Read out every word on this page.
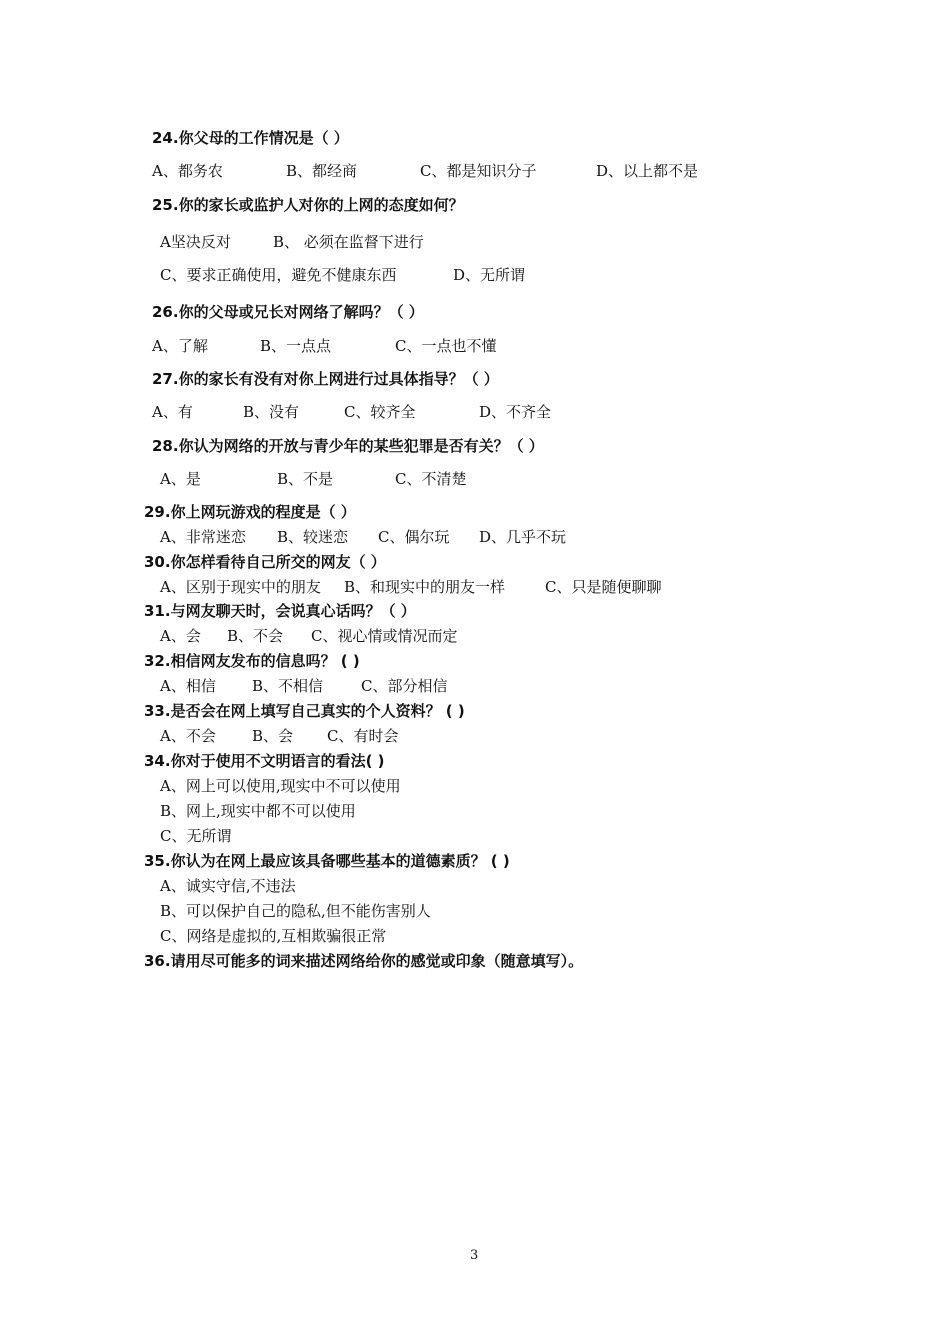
24.你父母的工作情况是（ ）
A、都务农	B、都经商	C、都是知识分子	D、以上都不是
25.你的家长或监护人对你的上网的态度如何？
A坚决反对	B、 必须在监督下进行
C、要求正确使用，避免不健康东西	D、无所谓
26.你的父母或兄长对网络了解吗？（ ）
A、了解	B、一点点	C、一点也不懂
27.你的家长有没有对你上网进行过具体指导？（ ）
A、有	B、没有	C、较齐全	D、不齐全
28.你认为网络的开放与青少年的某些犯罪是否有关？（ ）
A、是	B、不是	C、不清楚
29.你上网玩游戏的程度是（ ）
A、非常迷恋 B、较迷恋 C、偶尔玩 D、几乎不玩
30.你怎样看待自己所交的网友（ ）
A、区别于现实中的朋友 B、和现实中的朋友一样	C、只是随便聊聊
31.与网友聊天时，会说真心话吗？（ ）
A、会 B、不会 C、视心情或情况而定
32.相信网友发布的信息吗？ ( )
A、相信 B、不相信	C、部分相信
33.是否会在网上填写自己真实的个人资料？ ( )
A、不会 B、会 C、有时会
34.你对于使用不文明语言的看法( )
A、网上可以使用,现实中不可以使用
B、网上,现实中都不可以使用
C、无所谓
35.你认为在网上最应该具备哪些基本的道德素质？ ( )
A、诚实守信,不违法
B、可以保护自己的隐私,但不能伤害别人
C、网络是虚拟的,互相欺骗很正常
36.请用尽可能多的词来描述网络给你的感觉或印象（随意填写）。
3
